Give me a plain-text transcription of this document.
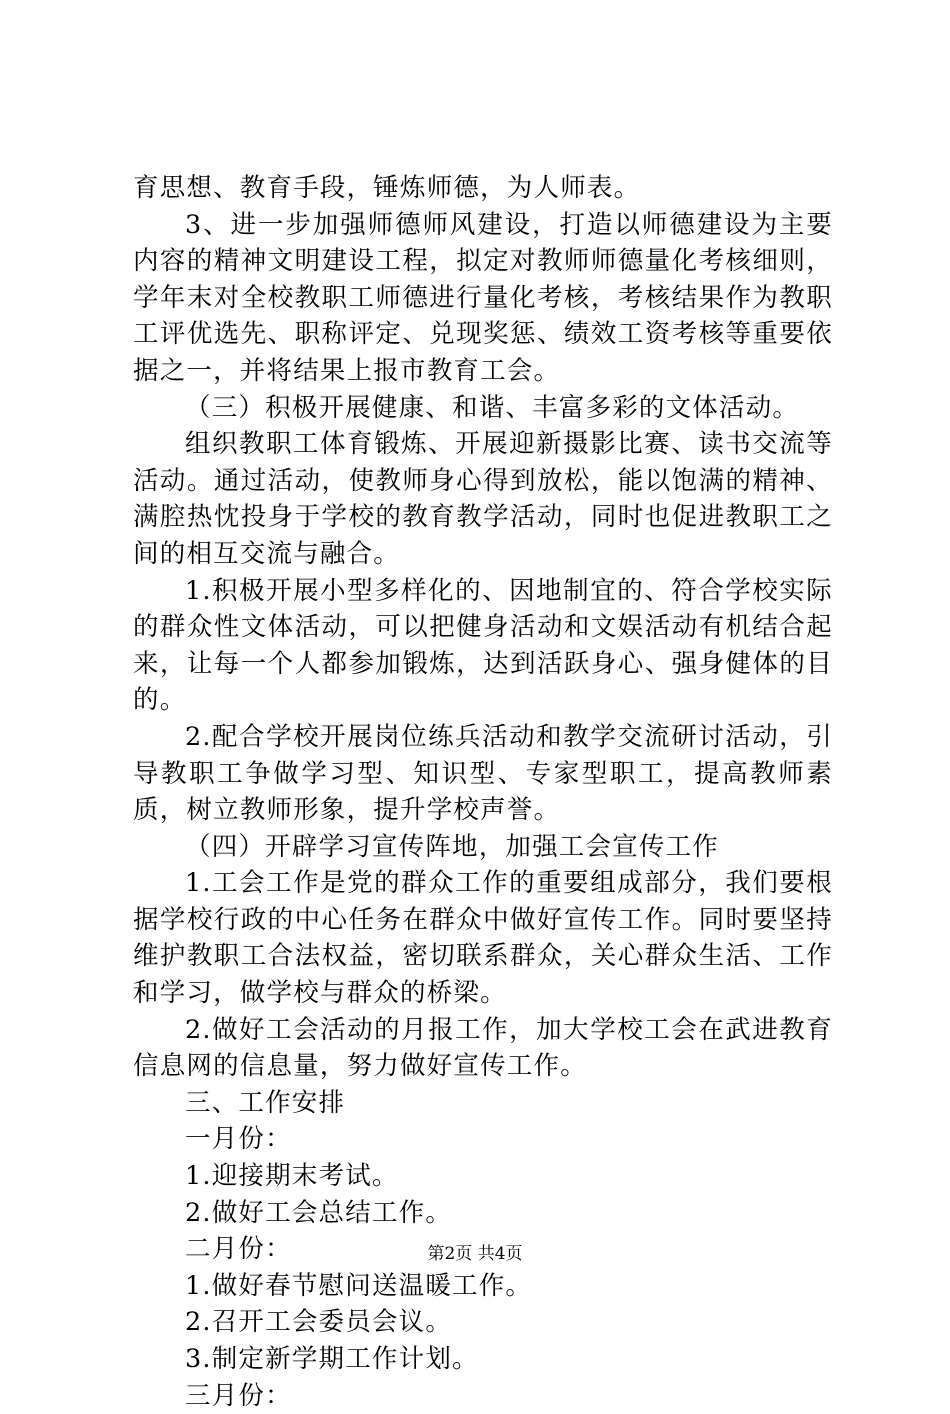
育思想、教育手段，锤炼师德，为人师表。

3、进一步加强师德师风建设，打造以师德建设为主要内容的精神文明建设工程，拟定对教师师德量化考核细则，学年末对全校教职工师德进行量化考核，考核结果作为教职工评优选先、职称评定、兑现奖惩、绩效工资考核等重要依据之一，并将结果上报市教育工会。

（三）积极开展健康、和谐、丰富多彩的文体活动。

组织教职工体育锻炼、开展迎新摄影比赛、读书交流等活动。通过活动，使教师身心得到放松，能以饱满的精神、满腔热忱投身于学校的教育教学活动，同时也促进教职工之间的相互交流与融合。

1.积极开展小型多样化的、因地制宜的、符合学校实际的群众性文体活动，可以把健身活动和文娱活动有机结合起来，让每一个人都参加锻炼，达到活跃身心、强身健体的目的。

2.配合学校开展岗位练兵活动和教学交流研讨活动，引导教职工争做学习型、知识型、专家型职工，提高教师素质，树立教师形象，提升学校声誉。

（四）开辟学习宣传阵地，加强工会宣传工作

1.工会工作是党的群众工作的重要组成部分，我们要根据学校行政的中心任务在群众中做好宣传工作。同时要坚持维护教职工合法权益，密切联系群众，关心群众生活、工作和学习，做学校与群众的桥梁。

2.做好工会活动的月报工作，加大学校工会在武进教育信息网的信息量，努力做好宣传工作。

三、工作安排

一月份：

1.迎接期末考试。

2.做好工会总结工作。

二月份：

1.做好春节慰问送温暖工作。

2.召开工会委员会议。

3.制定新学期工作计划。

三月份：

第2页 共4页
